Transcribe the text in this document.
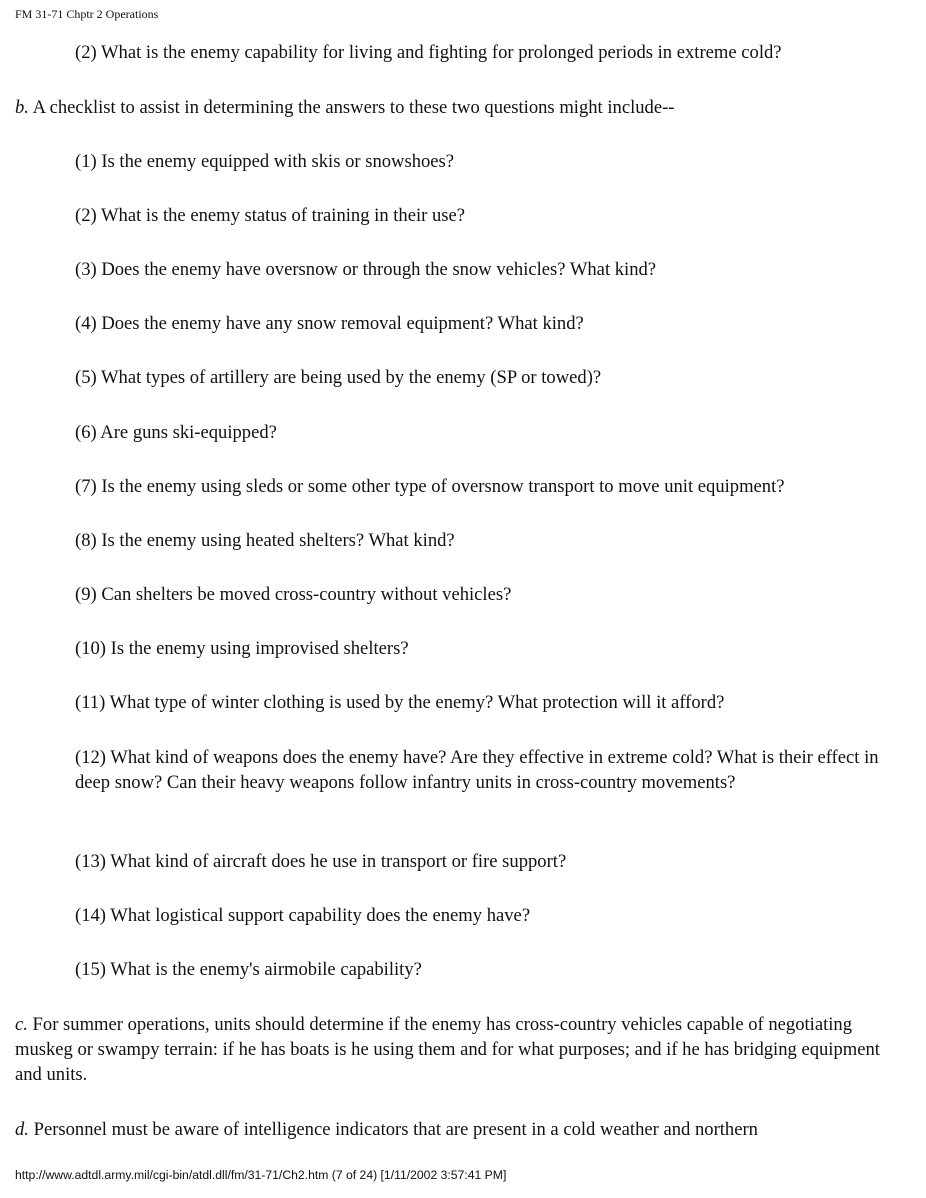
FM 31-71 Chptr 2 Operations

(2) What is the enemy capability for living and fighting for prolonged periods in extreme cold?

b. A checklist to assist in determining the answers to these two questions might include--

(1) Is the enemy equipped with skis or snowshoes?

(2) What is the enemy status of training in their use?

(3) Does the enemy have oversnow or through the snow vehicles? What kind?

(4) Does the enemy have any snow removal equipment? What kind?

(5) What types of artillery are being used by the enemy (SP or towed)?

(6) Are guns ski-equipped?

(7) Is the enemy using sleds or some other type of oversnow transport to move unit equipment?

(8) Is the enemy using heated shelters? What kind?

(9) Can shelters be moved cross-country without vehicles?

(10) Is the enemy using improvised shelters?

(11) What type of winter clothing is used by the enemy? What protection will it afford?

(12) What kind of weapons does the enemy have? Are they effective in extreme cold? What is their effect in deep snow? Can their heavy weapons follow infantry units in cross-country movements?

(13) What kind of aircraft does he use in transport or fire support?

(14) What logistical support capability does the enemy have?

(15) What is the enemy's airmobile capability?

c. For summer operations, units should determine if the enemy has cross-country vehicles capable of negotiating muskeg or swampy terrain: if he has boats is he using them and for what purposes; and if he has bridging equipment and units.

d. Personnel must be aware of intelligence indicators that are present in a cold weather and northern

http://www.adtdl.army.mil/cgi-bin/atdl.dll/fm/31-71/Ch2.htm (7 of 24) [1/11/2002 3:57:41 PM]
